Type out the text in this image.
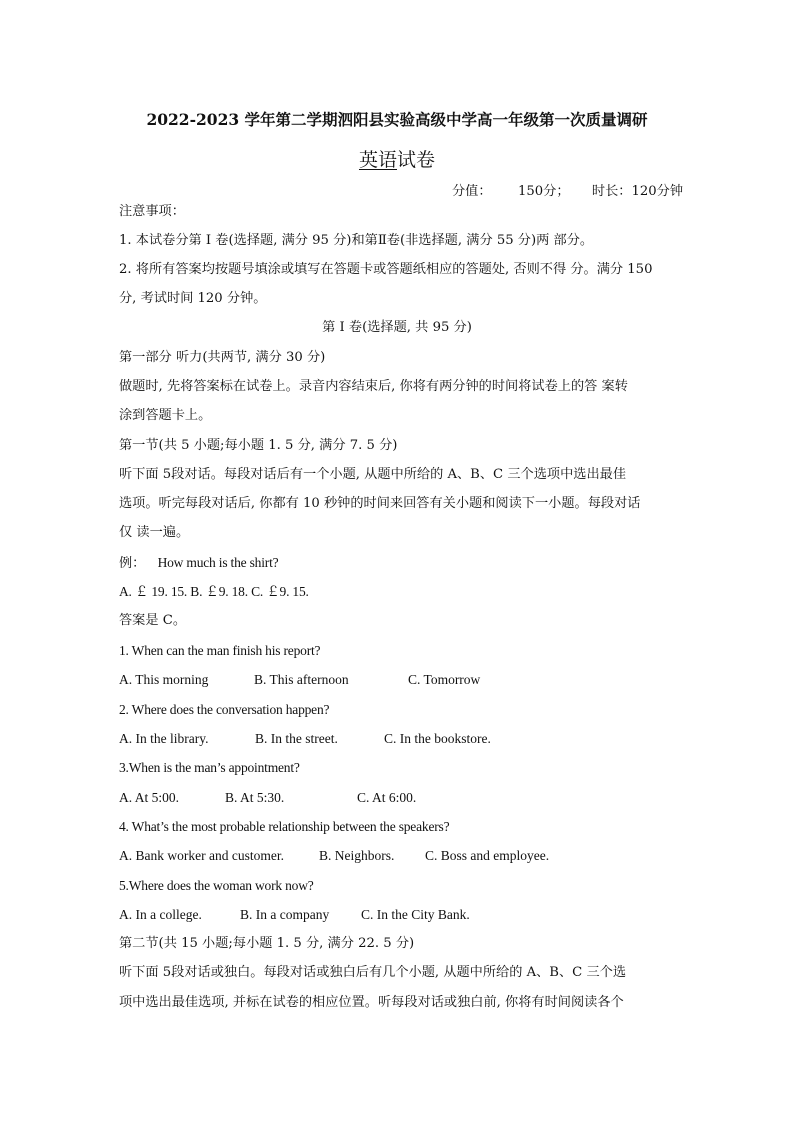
2022-2023 学年第二学期泗阳县实验高级中学高一年级第一次质量调研
英语试卷
分值： 150分； 时长：120分钟
注意事项：
1. 本试卷分第 I 卷(选择题, 满分 95 分)和第Ⅱ卷(非选择题, 满分 55 分)两 部分。
2. 将所有答案均按题号填涂或填写在答题卡或答题纸相应的答题处, 否则不得 分。满分 150
分, 考试时间 120 分钟。
第 I 卷(选择题, 共 95 分)
第一部分 听力(共两节, 满分 30 分)
做题时, 先将答案标在试卷上。录音内容结束后, 你将有两分钟的时间将试卷上的答 案转
涂到答题卡上。
第一节(共 5 小题;每小题 1. 5 分, 满分 7. 5 分)
听下面 5段对话。每段对话后有一个小题, 从题中所给的 A、B、C 三个选项中选出最佳
选项。听完每段对话后, 你都有 10 秒钟的时间来回答有关小题和阅读下一小题。每段对话
仅 读一遍。
例： How much is the shirt?
A. ￡ 19. 15. B. ￡9. 18. C. ￡9. 15.
答案是 C。
1. When can the man finish his report?
A. This morning	B. This afternoon	C. Tomorrow
2. Where does the conversation happen?
A. In the library.	B. In the street.	C. In the bookstore.
3.When is the man’s appointment?
A. At 5:00.	B. At 5:30.	C. At 6:00.
4. What’s the most probable relationship between the speakers?
A. Bank worker and customer.	B. Neighbors. C. Boss and employee.
5.Where does the woman work now?
A. In a college.	B. In a company C. In the City Bank.
第二节(共 15 小题;每小题 1. 5 分, 满分 22. 5 分)
听下面 5段对话或独白。每段对话或独白后有几个小题, 从题中所给的 A、B、C 三个选
项中选出最佳选项, 并标在试卷的相应位置。听每段对话或独白前, 你将有时间阅读各个
